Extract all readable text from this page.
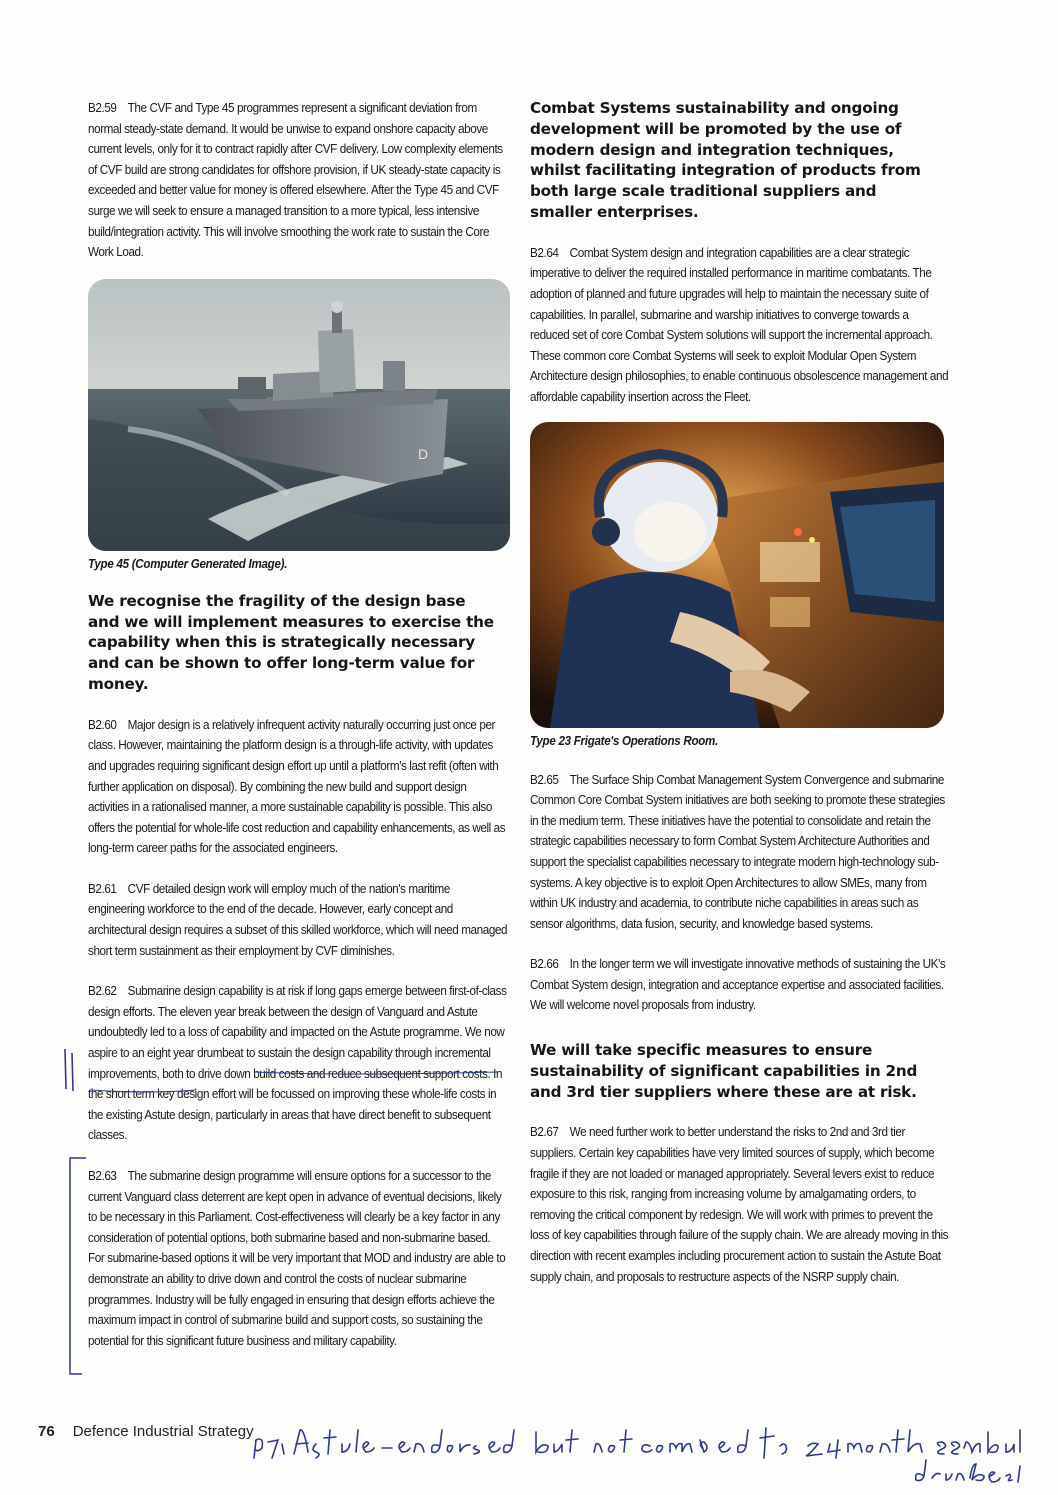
B2.59 The CVF and Type 45 programmes represent a significant deviation from normal steady-state demand. It would be unwise to expand onshore capacity above current levels, only for it to contract rapidly after CVF delivery. Low complexity elements of CVF build are strong candidates for offshore provision, if UK steady-state capacity is exceeded and better value for money is offered elsewhere. After the Type 45 and CVF surge we will seek to ensure a managed transition to a more typical, less intensive build/integration activity. This will involve smoothing the work rate to sustain the Core Work Load.

D
Type 45 (Computer Generated Image).
We recognise the fragility of the design base and we will implement measures to exercise the capability when this is strategically necessary and can be shown to offer long-term value for money.

B2.60 Major design is a relatively infrequent activity naturally occurring just once per class. However, maintaining the platform design is a through-life activity, with updates and upgrades requiring significant design effort up until a platform's last refit (often with further application on disposal). By combining the new build and support design activities in a rationalised manner, a more sustainable capability is possible. This also offers the potential for whole-life cost reduction and capability enhancements, as well as long-term career paths for the associated engineers.

B2.61 CVF detailed design work will employ much of the nation's maritime engineering workforce to the end of the decade. However, early concept and architectural design requires a subset of this skilled workforce, which will need managed short term sustainment as their employment by CVF diminishes.

B2.62 Submarine design capability is at risk if long gaps emerge between first-of-class design efforts. The eleven year break between the design of Vanguard and Astute undoubtedly led to a loss of capability and impacted on the Astute programme. We now aspire to an eight year drumbeat to sustain the design capability through incremental improvements, both to drive down build costs and reduce subsequent support costs. In the short term key design effort will be focussed on improving these whole-life costs in the existing Astute design, particularly in areas that have direct benefit to subsequent classes.

B2.63 The submarine design programme will ensure options for a successor to the current Vanguard class deterrent are kept open in advance of eventual decisions, likely to be necessary in this Parliament. Cost-effectiveness will clearly be a key factor in any consideration of potential options, both submarine based and non-submarine based. For submarine-based options it will be very important that MOD and industry are able to demonstrate an ability to drive down and control the costs of nuclear submarine programmes. Industry will be fully engaged in ensuring that design efforts achieve the maximum impact in control of submarine build and support costs, so sustaining the potential for this significant future business and military capability.

Combat Systems sustainability and ongoing development will be promoted by the use of modern design and integration techniques, whilst facilitating integration of products from both large scale traditional suppliers and smaller enterprises.

B2.64 Combat System design and integration capabilities are a clear strategic imperative to deliver the required installed performance in maritime combatants. The adoption of planned and future upgrades will help to maintain the necessary suite of capabilities. In parallel, submarine and warship initiatives to converge towards a reduced set of core Combat System solutions will support the incremental approach. These common core Combat Systems will seek to exploit Modular Open System Architecture design philosophies, to enable continuous obsolescence management and affordable capability insertion across the Fleet.

Type 23 Frigate's Operations Room.

B2.65 The Surface Ship Combat Management System Convergence and submarine Common Core Combat System initiatives are both seeking to promote these strategies in the medium term. These initiatives have the potential to consolidate and retain the strategic capabilities necessary to form Combat System Architecture Authorities and support the specialist capabilities necessary to integrate modern high-technology sub-systems. A key objective is to exploit Open Architectures to allow SMEs, many from within UK industry and academia, to contribute niche capabilities in areas such as sensor algorithms, data fusion, security, and knowledge based systems.

B2.66 In the longer term we will investigate innovative methods of sustaining the UK's Combat System design, integration and acceptance expertise and associated facilities. We will welcome novel proposals from industry.

We will take specific measures to ensure sustainability of significant capabilities in 2nd and 3rd tier suppliers where these are at risk.

B2.67 We need further work to better understand the risks to 2nd and 3rd tier suppliers. Certain key capabilities have very limited sources of supply, which become fragile if they are not loaded or managed appropriately. Several levers exist to reduce exposure to this risk, ranging from increasing volume by amalgamating orders, to removing the critical component by redesign. We will work with primes to prevent the loss of key capabilities through failure of the supply chain. We are already moving in this direction with recent examples including procurement action to sustain the Astute Boat supply chain, and proposals to restructure aspects of the NSRP supply chain.

76 Defence Industrial Strategy
